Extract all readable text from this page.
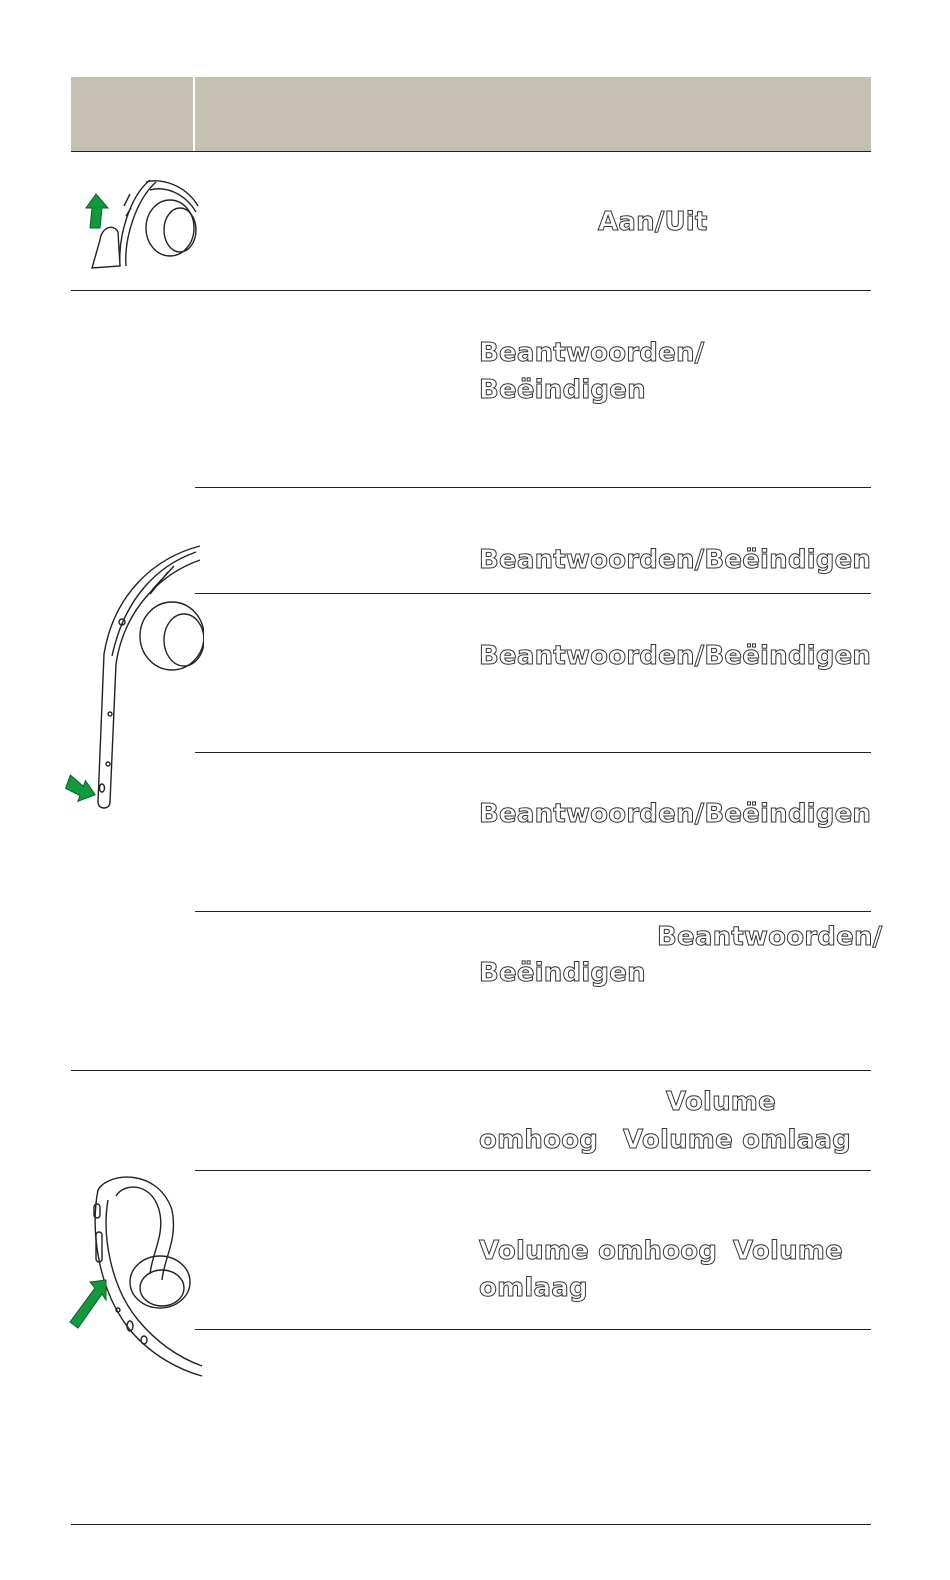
Aan/Uit
Beantwoorden/
Beëindigen
Beantwoorden/Beëindigen
Beantwoorden/Beëindigen
Beantwoorden/Beëindigen
Beantwoorden/
Beëindigen
Volume
omhoog Volume omlaag
Volume omhoog Volume
omlaag
